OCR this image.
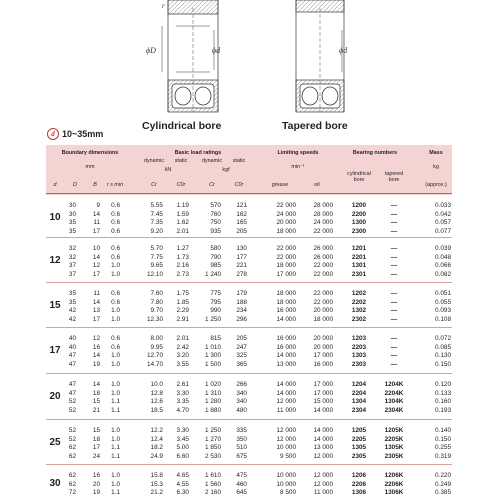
r
ϕD	ϕd	ϕd
Cylindrical bore	Tapered bore
d 10~35mm
Boundary dimensions
mm
Basic load ratings
dynamic static	dynamic static
kN	kgf
Limiting speeds
min⁻¹
Bearing numbers
cylindrical bore
tapered bore
Mass
kg
d	D	B r s min	Cr	C0r	Cr	C0r	grease	oil	(approx.)
10
30	9 0.6	5.55 1.19	570 121	22 000	28 000	1200	—	0.033
30	14 0.6	7.45 1.59	760 162	24 000	28 000	2200	—	0.042
35	11 0.6	7.35 1.62	750 165	20 000	24 000	1300	—	0.057
35	17 0.6	9.20 2.01	935 205	18 000	22 000	2300	—	0.077
12
32	10 0.6	5.70 1.27	580 130	22 000	26 000	1201	—	0.039
32	14 0.6	7.75 1.73	790 177	22 000	26 000	2201	—	0.048
37	12 1.0	9.65 2.16	985 221	18 000	22 000	1301	—	0.066
37	17 1.0	12.10 2.73	1 240 278	17 000	22 000	2301	—	0.082
15
35	11 0.6	7.60 1.75	775 179	18 000	22 000	1202	—	0.051
35	14 0.6	7.80 1.85	795 188	18 000	22 000	2202	—	0.055
42	13 1.0	9.70 2.29	990 234	16 000	20 000	1302	—	0.093
42	17 1.0	12.30 2.91	1 250 296	14 000	18 000	2302	—	0.108
17
40	12 0.6	8.00 2.01	815 205	16 000	20 000	1203	—	0.072
40	16 0.6	9.95 2.42	1 010 247	16 000	20 000	2203	—	0.085
47	14 1.0	12.70 3.20	1 300 325	14 000	17 000	1303	—	0.130
47	19 1.0	14.70 3.55	1 500 365	13 000	16 000	2303	—	0.150
20
47	14 1.0	10.0 2.61	1 020 266	14 000	17 000	1204	1204K	0.120
47	18 1.0	12.8 3.30	1 310 340	14 000	17 000	2204	2204K	0.133
52	15 1.1	12.6 3.35	1 280 340	12 000	15 000	1304	1304K	0.160
52	21 1.1	18.5 4.70	1 880 480	11 000	14 000	2304	2304K	0.193
25
52	15 1.0	12.2 3.30	1 250 335	12 000	14 000	1205	1205K	0.140
52	18 1.0	12.4 3.45	1 270 350	12 000	14 000	2205	2205K	0.150
62	17 1.1	18.2 5.00	1 850 510	10 000	13 000	1305	1305K	0.255
62	24 1.1	24.9 6.60	2 530 675	9 500	12 000	2305	2305K	0.319
30
62	16 1.0	15.8 4.65	1 610 475	10 000	12 000	1206	1206K	0.220
62	20 1.0	15.3 4.55	1 560 460	10 000	12 000	2206	2206K	0.249
72	19 1.1	21.2 6.30	2 160 645	8 500	11 000	1306	1306K	0.385
